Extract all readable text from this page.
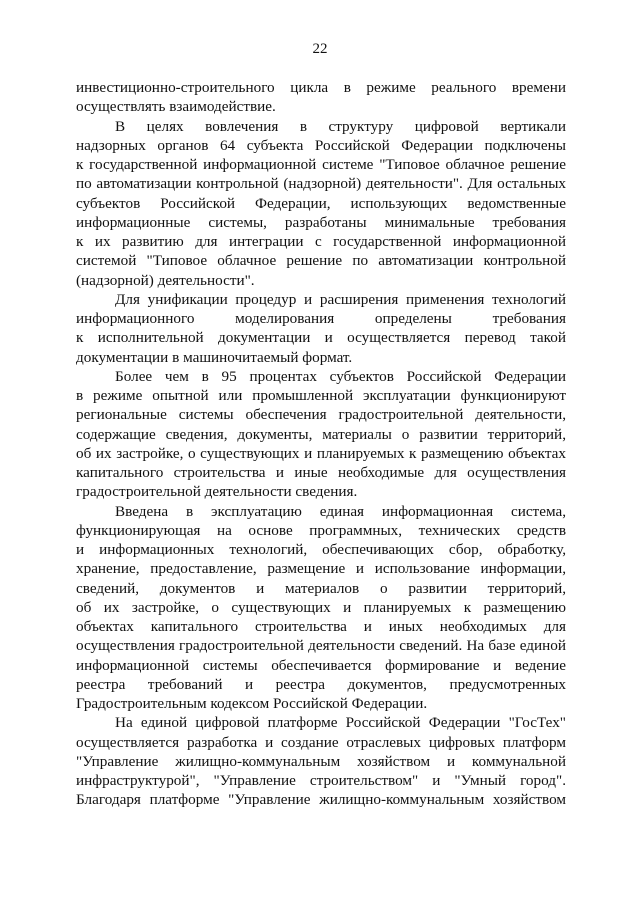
22
инвестиционно-строительного цикла в режиме реального времени
осуществлять взаимодействие.
В целях вовлечения в структуру цифровой вертикали
надзорных органов 64 субъекта Российской Федерации подключены
к государственной информационной системе "Типовое облачное решение
по автоматизации контрольной (надзорной) деятельности". Для остальных
субъектов Российской Федерации, использующих ведомственные
информационные системы, разработаны минимальные требования
к их развитию для интеграции с государственной информационной
системой "Типовое облачное решение по автоматизации контрольной
(надзорной) деятельности".
Для унификации процедур и расширения применения технологий
информационного моделирования определены требования
к исполнительной документации и осуществляется перевод такой
документации в машиночитаемый формат.
Более чем в 95 процентах субъектов Российской Федерации
в режиме опытной или промышленной эксплуатации функционируют
региональные системы обеспечения градостроительной деятельности,
содержащие сведения, документы, материалы о развитии территорий,
об их застройке, о существующих и планируемых к размещению объектах
капитального строительства и иные необходимые для осуществления
градостроительной деятельности сведения.
Введена в эксплуатацию единая информационная система,
функционирующая на основе программных, технических средств
и информационных технологий, обеспечивающих сбор, обработку,
хранение, предоставление, размещение и использование информации,
сведений, документов и материалов о развитии территорий,
об их застройке, о существующих и планируемых к размещению
объектах капитального строительства и иных необходимых для
осуществления градостроительной деятельности сведений. На базе единой
информационной системы обеспечивается формирование и ведение
реестра требований и реестра документов, предусмотренных
Градостроительным кодексом Российской Федерации.
На единой цифровой платформе Российской Федерации "ГосТех"
осуществляется разработка и создание отраслевых цифровых платформ
"Управление жилищно-коммунальным хозяйством и коммунальной
инфраструктурой", "Управление строительством" и "Умный город".
Благодаря платформе "Управление жилищно-коммунальным хозяйством
